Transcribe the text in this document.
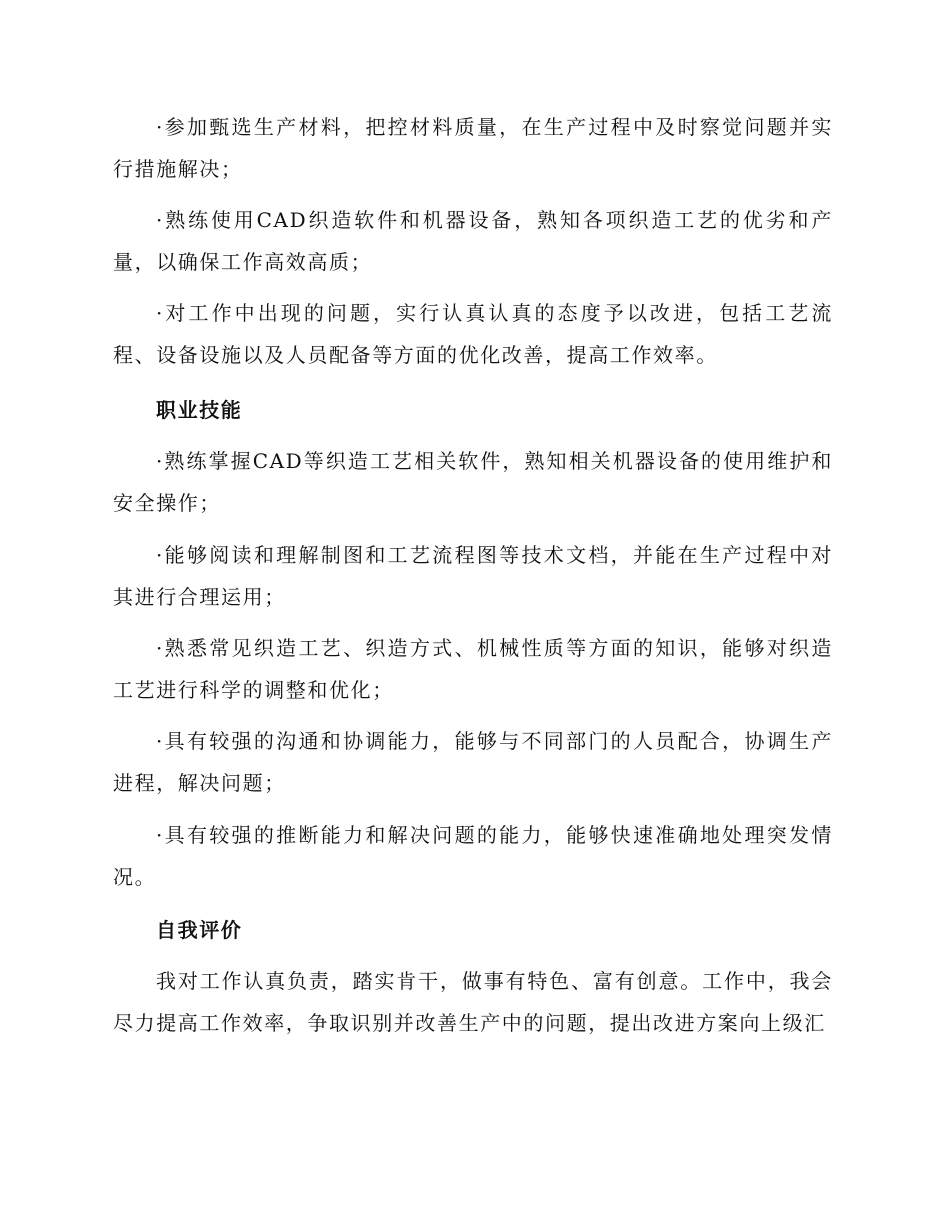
·参加甄选生产材料，把控材料质量，在生产过程中及时察觉问题并实行措施解决；

·熟练使用CAD织造软件和机器设备，熟知各项织造工艺的优劣和产量，以确保工作高效高质；

·对工作中出现的问题，实行认真认真的态度予以改进，包括工艺流程、设备设施以及人员配备等方面的优化改善，提高工作效率。

职业技能

·熟练掌握CAD等织造工艺相关软件，熟知相关机器设备的使用维护和安全操作；

·能够阅读和理解制图和工艺流程图等技术文档，并能在生产过程中对其进行合理运用；

·熟悉常见织造工艺、织造方式、机械性质等方面的知识，能够对织造工艺进行科学的调整和优化；

·具有较强的沟通和协调能力，能够与不同部门的人员配合，协调生产进程，解决问题；

·具有较强的推断能力和解决问题的能力，能够快速准确地处理突发情况。

自我评价

我对工作认真负责，踏实肯干，做事有特色、富有创意。工作中，我会尽力提高工作效率，争取识别并改善生产中的问题，提出改进方案向上级汇
